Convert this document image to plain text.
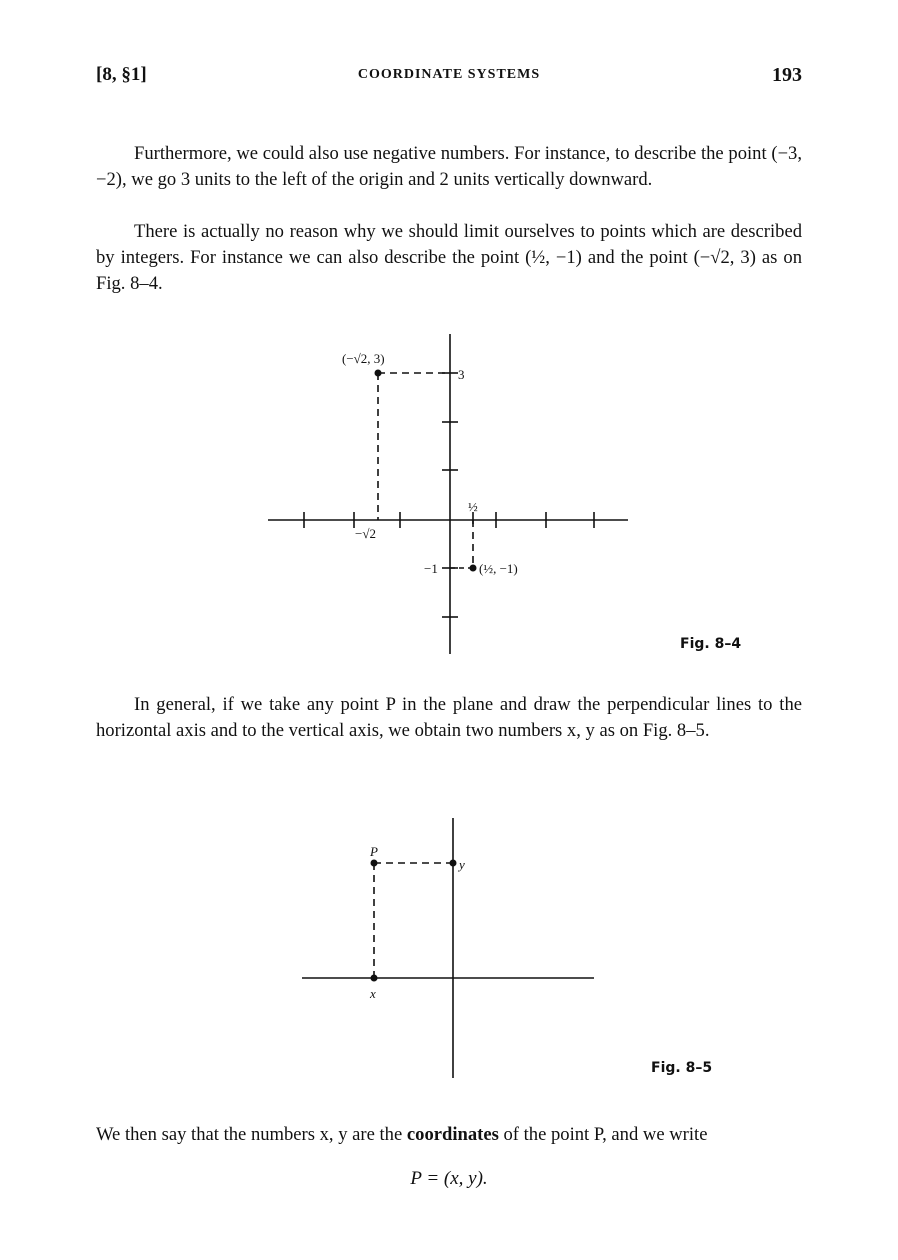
[8, §1]	COORDINATE SYSTEMS	193

Furthermore, we could also use negative numbers. For instance, to describe the point (−3, −2), we go 3 units to the left of the origin and 2 units vertically downward.

There is actually no reason why we should limit ourselves to points which are described by integers. For instance we can also describe the point (½, −1) and the point (−√2, 3) as on Fig. 8–4.

(−√2, 3)
3
−√2
½
−1	(½, −1)
Fig. 8–4

In general, if we take any point P in the plane and draw the perpendicular lines to the horizontal axis and to the vertical axis, we obtain two numbers x, y as on Fig. 8–5.

P
y
x
Fig. 8–5

We then say that the numbers x, y are the coordinates of the point P, and we write

P = (x, y).
